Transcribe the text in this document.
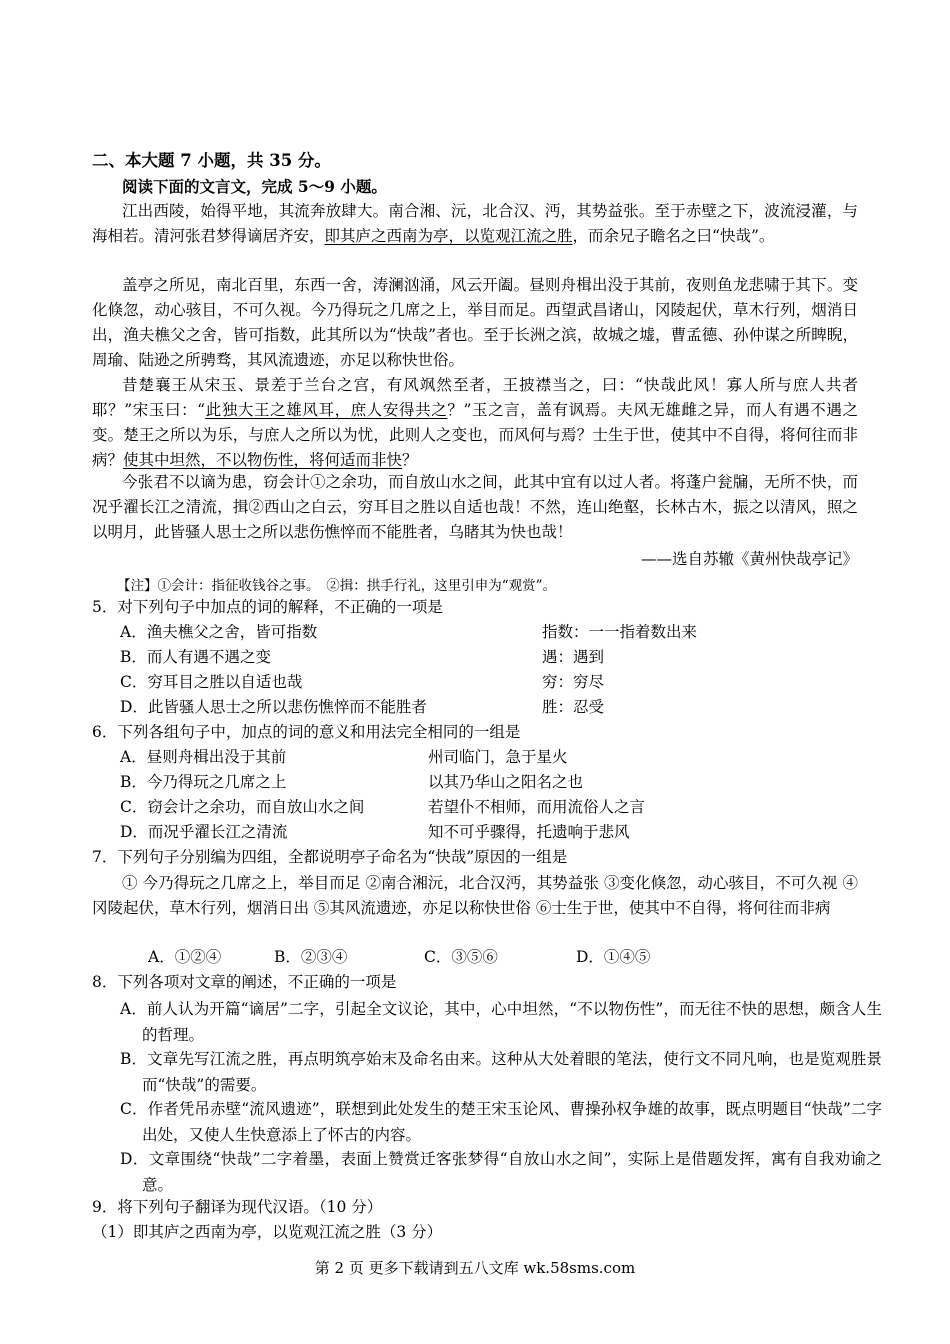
二、本大题 7 小题，共 35 分。
阅读下面的文言文，完成 5～9 小题。
江出西陵，始得平地，其流奔放肆大。南合湘、沅，北合汉、沔，其势益张。至于赤壁之下，波流浸灌，与海相若。清河张君梦得谪居齐安，即其庐之西南为亭，以览观江流之胜，而余兄子瞻名之曰“快哉”。
盖亭之所见，南北百里，东西一舍，涛澜汹涌，风云开阖。昼则舟楫出没于其前，夜则鱼龙悲啸于其下。变化倏忽，动心骇目，不可久视。今乃得玩之几席之上，举目而足。西望武昌诸山，冈陵起伏，草木行列，烟消日出，渔夫樵父之舍，皆可指数，此其所以为“快哉”者也。至于长洲之滨，故城之墟，曹孟德、孙仲谋之所睥睨，周瑜、陆逊之所骋骛，其风流遗迹，亦足以称快世俗。
昔楚襄王从宋玉、景差于兰台之宫，有风飒然至者，王披襟当之，曰：“快哉此风！寡人所与庶人共者耶？”宋玉曰：“此独大王之雄风耳，庶人安得共之？”玉之言，盖有讽焉。夫风无雄雌之异，而人有遇不遇之变。楚王之所以为乐，与庶人之所以为忧，此则人之变也，而风何与焉？士生于世，使其中不自得，将何往而非病？使其中坦然，不以物伤性，将何适而非快？
今张君不以谪为患，窃会计①之余功，而自放山水之间，此其中宜有以过人者。将蓬户瓮牖，无所不快，而况乎濯长江之清流，揖②西山之白云，穷耳目之胜以自适也哉！不然，连山绝壑，长林古木，振之以清风，照之以明月，此皆骚人思士之所以悲伤憔悴而不能胜者，乌睹其为快也哉！
——选自苏辙《黄州快哉亭记》
【注】①会计：指征收钱谷之事。　②揖：拱手行礼，这里引申为“观赏”。
5．对下列句子中加点的词的解释，不正确的一项是
A．渔夫樵父之舍，皆可指数	指数：一一指着数出来
B．而人有遇不遇之变	遇：遇到
C．穷耳目之胜以自适也哉	穷：穷尽
D．此皆骚人思士之所以悲伤憔悴而不能胜者	胜：忍受
6．下列各组句子中，加点的词的意义和用法完全相同的一组是
A．昼则舟楫出没于其前	州司临门，急于星火
B．今乃得玩之几席之上	以其乃华山之阳名之也
C．窃会计之余功，而自放山水之间	若望仆不相师，而用流俗人之言
D．而况乎濯长江之清流	知不可乎骤得，托遗响于悲风
7．下列句子分别编为四组，全都说明亭子命名为“快哉”原因的一组是
① 今乃得玩之几席之上，举目而足 ②南合湘沅，北合汉沔，其势益张 ③变化倏忽，动心骇目，不可久视 ④冈陵起伏，草木行列，烟消日出 ⑤其风流遗迹，亦足以称快世俗 ⑥士生于世，使其中不自得，将何往而非病
A．①②④	B．②③④	C．③⑤⑥	D．①④⑤
8．下列各项对文章的阐述，不正确的一项是
A．前人认为开篇“谪居”二字，引起全文议论，其中，心中坦然，“不以物伤性”，而无往不快的思想，颇含人生的哲理。
B．文章先写江流之胜，再点明筑亭始末及命名由来。这种从大处着眼的笔法，使行文不同凡响，也是览观胜景而“快哉”的需要。
C．作者凭吊赤壁“流风遗迹”，联想到此处发生的楚王宋玉论风、曹操孙权争雄的故事，既点明题目“快哉”二字出处，又使人生快意添上了怀古的内容。
D．文章围绕“快哉”二字着墨，表面上赞赏迁客张梦得“自放山水之间”，实际上是借题发挥，寓有自我劝谕之意。
9．将下列句子翻译为现代汉语。（10 分）
（1）即其庐之西南为亭，以览观江流之胜（3 分）
第 2 页 更多下载请到五八文库 wk.58sms.com
